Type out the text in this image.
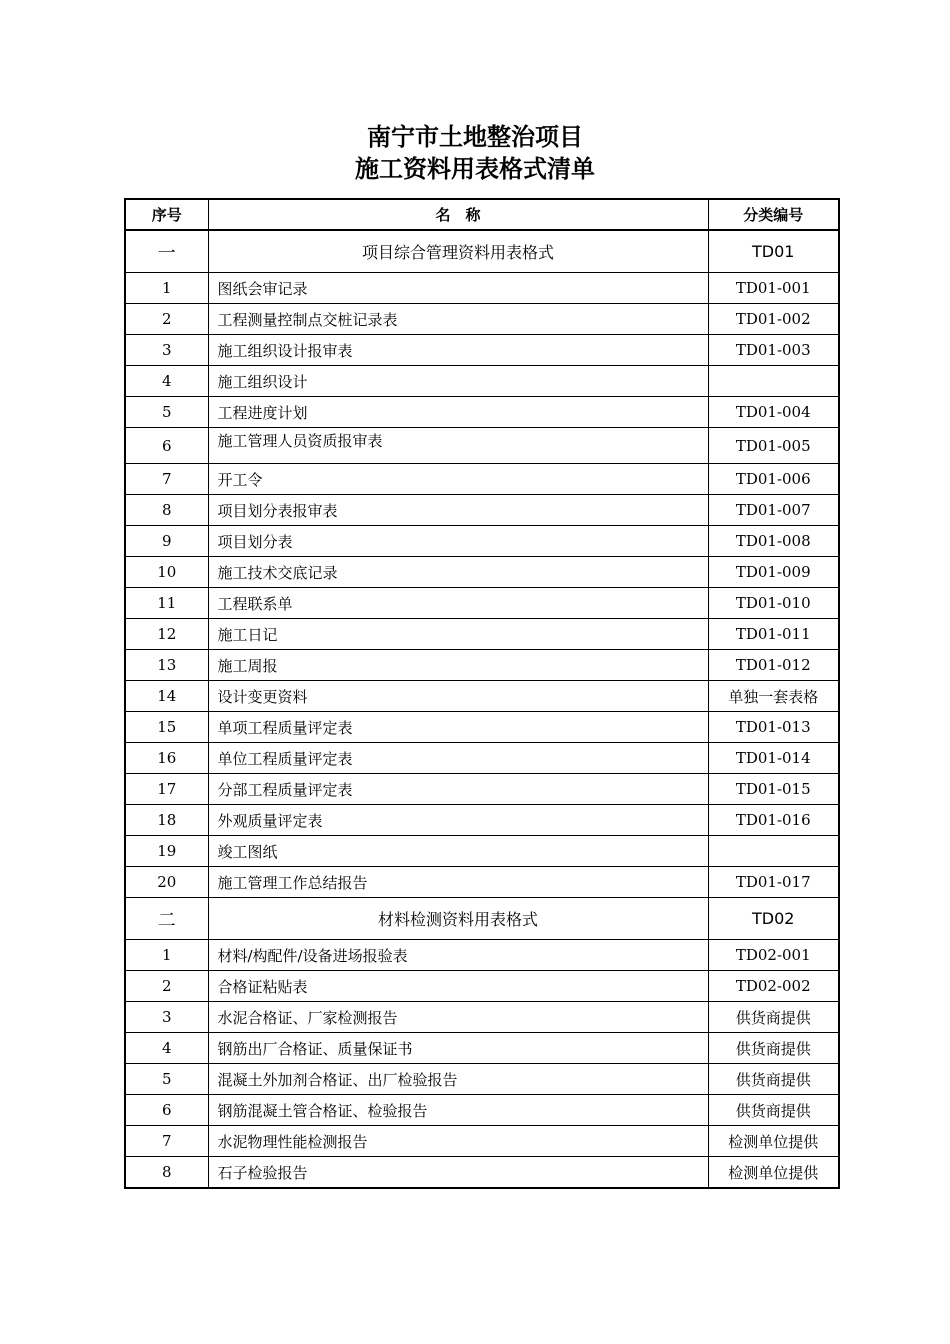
南宁市土地整治项目
施工资料用表格式清单
序号	名　称	分类编号
一	项目综合管理资料用表格式	TD01
1	图纸会审记录	TD01-001
2	工程测量控制点交桩记录表	TD01-002
3	施工组织设计报审表	TD01-003
4	施工组织设计	
5	工程进度计划	TD01-004
6	施工管理人员资质报审表	TD01-005
7	开工令	TD01-006
8	项目划分表报审表	TD01-007
9	项目划分表	TD01-008
10	施工技术交底记录	TD01-009
11	工程联系单	TD01-010
12	施工日记	TD01-011
13	施工周报	TD01-012
14	设计变更资料	单独一套表格
15	单项工程质量评定表	TD01-013
16	单位工程质量评定表	TD01-014
17	分部工程质量评定表	TD01-015
18	外观质量评定表	TD01-016
19	竣工图纸	
20	施工管理工作总结报告	TD01-017
二	材料检测资料用表格式	TD02
1	材料/构配件/设备进场报验表	TD02-001
2	合格证粘贴表	TD02-002
3	水泥合格证、厂家检测报告	供货商提供
4	钢筋出厂合格证、质量保证书	供货商提供
5	混凝土外加剂合格证、出厂检验报告	供货商提供
6	钢筋混凝土管合格证、检验报告	供货商提供
7	水泥物理性能检测报告	检测单位提供
8	石子检验报告	检测单位提供
